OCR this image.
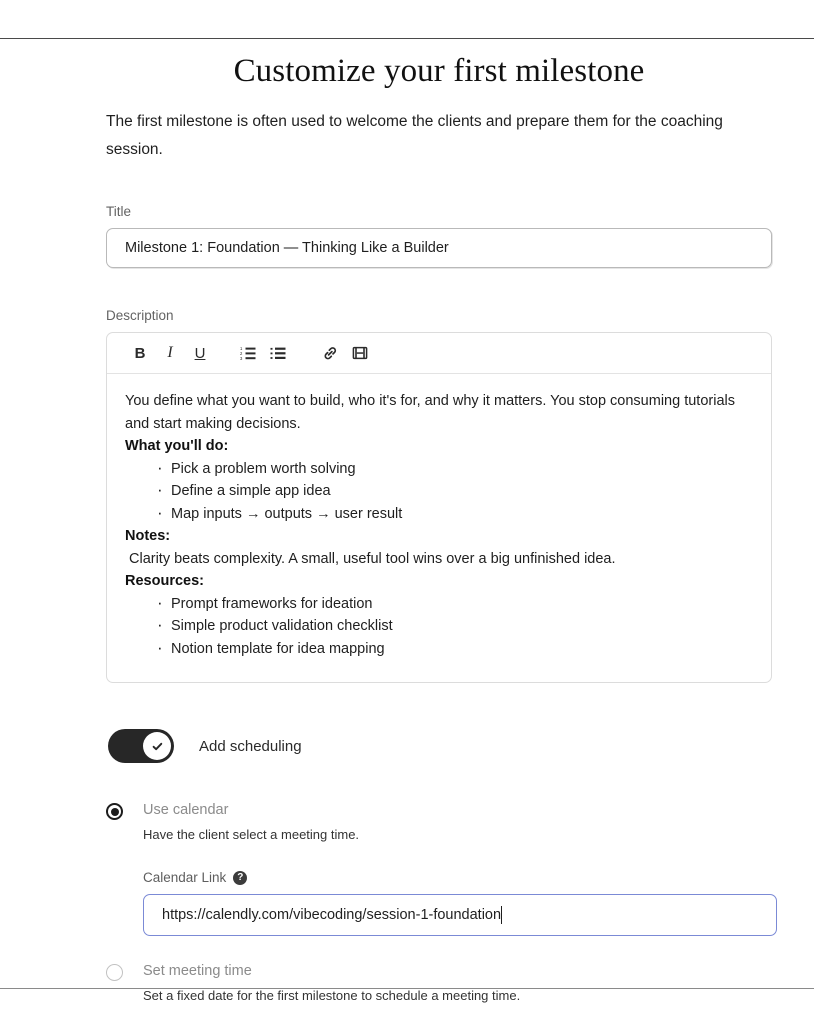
Customize your first milestone

The first milestone is often used to welcome the clients and prepare them for the coaching session.

Title
Milestone 1: Foundation — Thinking Like a Builder
Description
B	I	U	1
2
3

You define what you want to build, who it's for, and why it matters. You stop consuming tutorials and start making decisions.

What you'll do:

· Pick a problem worth solving
· Define a simple app idea
· Map inputs → outputs → user result

Notes:

Clarity beats complexity. A small, useful tool wins over a big unfinished idea.

Resources:

· Prompt frameworks for ideation
· Simple product validation checklist
· Notion template for idea mapping
Add scheduling
Use calendar
Have the client select a meeting time.
Calendar Link	?
https://calendly.com/vibecoding/session-1-foundation
Set meeting time
Set a fixed date for the first milestone to schedule a meeting time.
